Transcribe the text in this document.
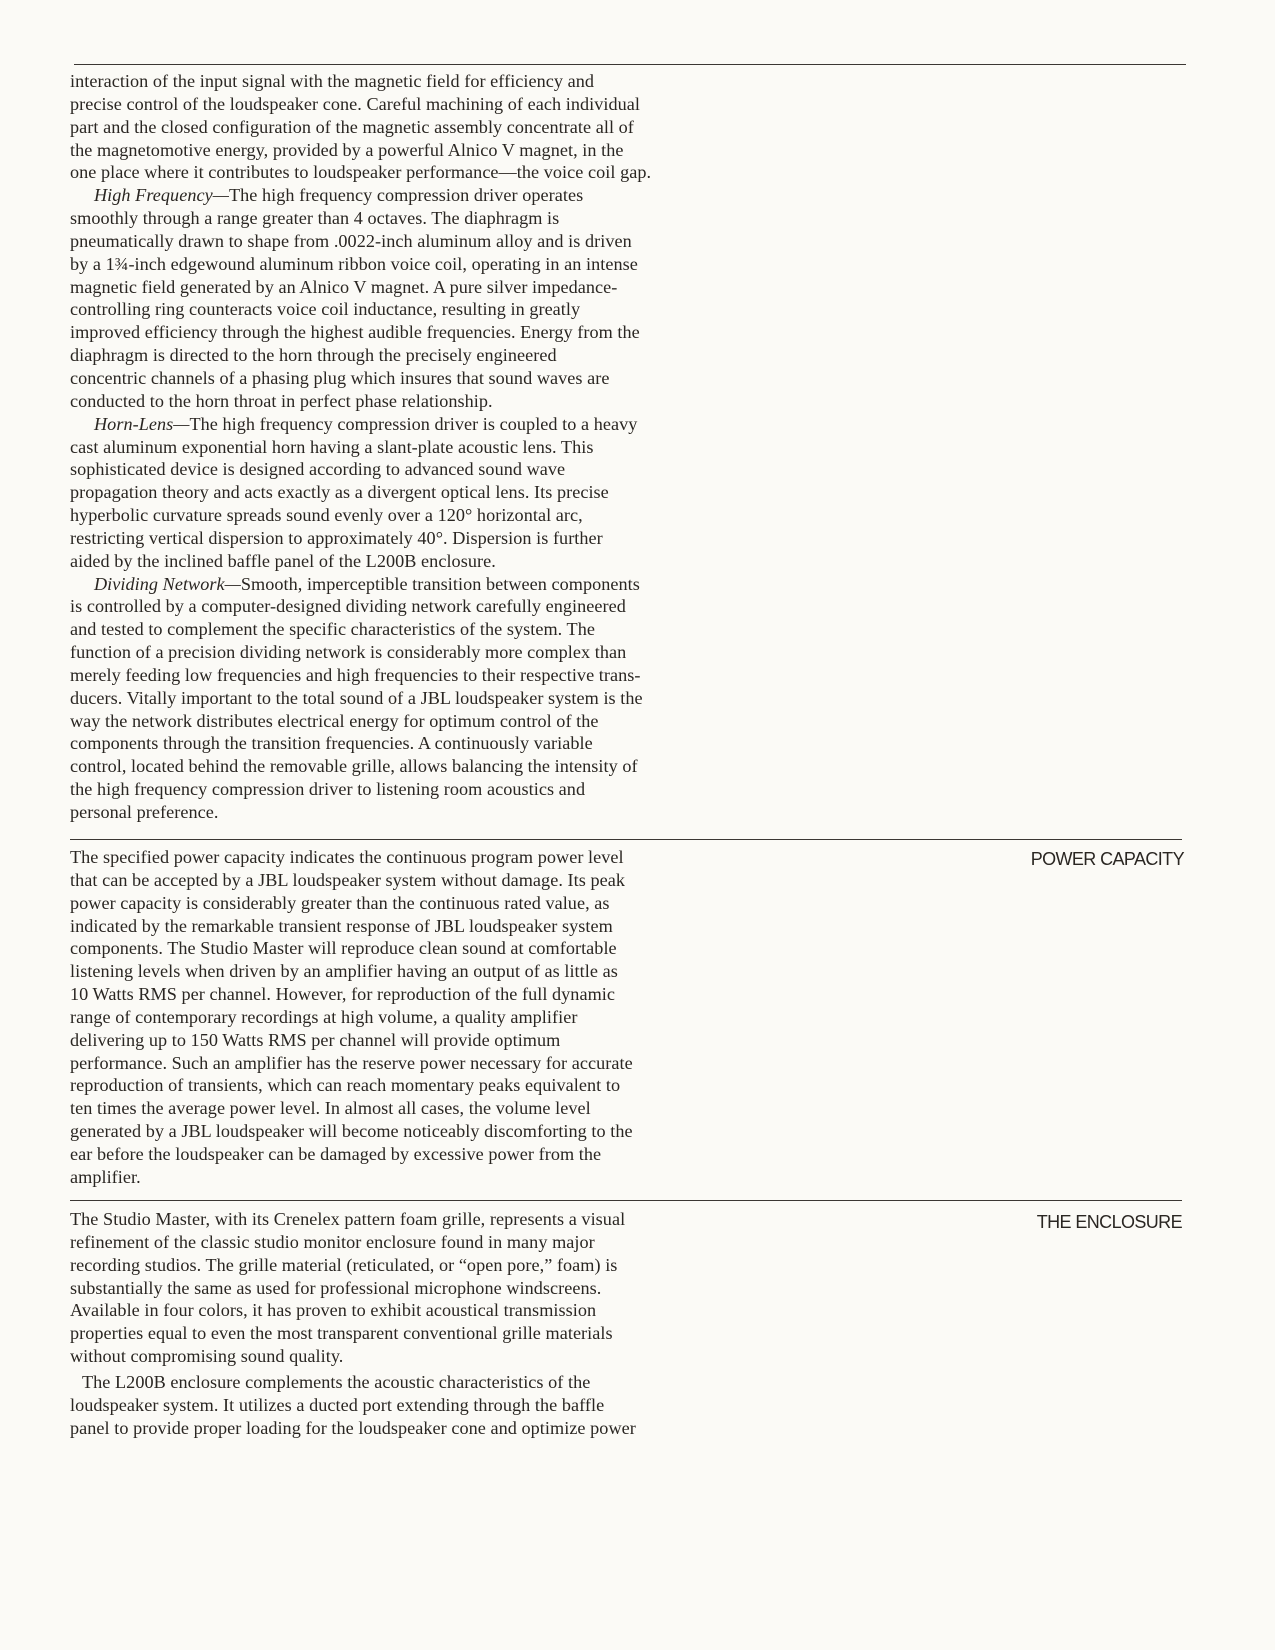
interaction of the input signal with the magnetic field for efficiency and
precise control of the loudspeaker cone. Careful machining of each individual
part and the closed configuration of the magnetic assembly concentrate all of
the magnetomotive energy, provided by a powerful Alnico V magnet, in the
one place where it contributes to loudspeaker performance—the voice coil gap.

High Frequency—The high frequency compression driver operates
smoothly through a range greater than 4 octaves. The diaphragm is
pneumatically drawn to shape from .0022-inch aluminum alloy and is driven
by a 1¾-inch edgewound aluminum ribbon voice coil, operating in an intense
magnetic field generated by an Alnico V magnet. A pure silver impedance-
controlling ring counteracts voice coil inductance, resulting in greatly
improved efficiency through the highest audible frequencies. Energy from the
diaphragm is directed to the horn through the precisely engineered
concentric channels of a phasing plug which insures that sound waves are
conducted to the horn throat in perfect phase relationship.

Horn-Lens—The high frequency compression driver is coupled to a heavy
cast aluminum exponential horn having a slant-plate acoustic lens. This
sophisticated device is designed according to advanced sound wave
propagation theory and acts exactly as a divergent optical lens. Its precise
hyperbolic curvature spreads sound evenly over a 120° horizontal arc,
restricting vertical dispersion to approximately 40°. Dispersion is further
aided by the inclined baffle panel of the L200B enclosure.

Dividing Network—Smooth, imperceptible transition between components
is controlled by a computer-designed dividing network carefully engineered
and tested to complement the specific characteristics of the system. The
function of a precision dividing network is considerably more complex than
merely feeding low frequencies and high frequencies to their respective trans-
ducers. Vitally important to the total sound of a JBL loudspeaker system is the
way the network distributes electrical energy for optimum control of the
components through the transition frequencies. A continuously variable
control, located behind the removable grille, allows balancing the intensity of
the high frequency compression driver to listening room acoustics and
personal preference.

POWER CAPACITY

The specified power capacity indicates the continuous program power level
that can be accepted by a JBL loudspeaker system without damage. Its peak
power capacity is considerably greater than the continuous rated value, as
indicated by the remarkable transient response of JBL loudspeaker system
components. The Studio Master will reproduce clean sound at comfortable
listening levels when driven by an amplifier having an output of as little as
10 Watts RMS per channel. However, for reproduction of the full dynamic
range of contemporary recordings at high volume, a quality amplifier
delivering up to 150 Watts RMS per channel will provide optimum
performance. Such an amplifier has the reserve power necessary for accurate
reproduction of transients, which can reach momentary peaks equivalent to
ten times the average power level. In almost all cases, the volume level
generated by a JBL loudspeaker will become noticeably discomforting to the
ear before the loudspeaker can be damaged by excessive power from the
amplifier.

THE ENCLOSURE

The Studio Master, with its Crenelex pattern foam grille, represents a visual
refinement of the classic studio monitor enclosure found in many major
recording studios. The grille material (reticulated, or “open pore,” foam) is
substantially the same as used for professional microphone windscreens.
Available in four colors, it has proven to exhibit acoustical transmission
properties equal to even the most transparent conventional grille materials
without compromising sound quality.

The L200B enclosure complements the acoustic characteristics of the
loudspeaker system. It utilizes a ducted port extending through the baffle
panel to provide proper loading for the loudspeaker cone and optimize power
